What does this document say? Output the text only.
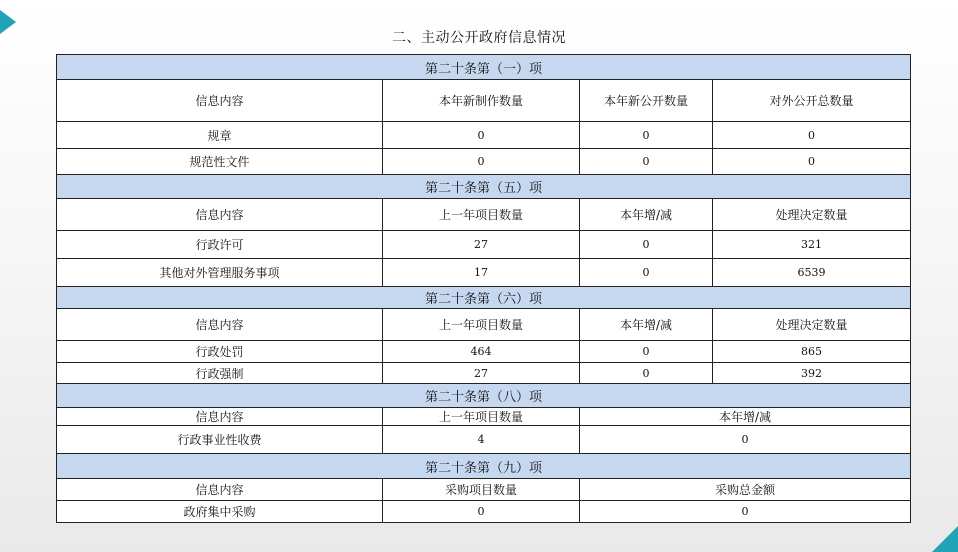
二、主动公开政府信息情况
第二十条第（一）项			
信息内容	本年新制作数量	本年新公开数量	对外公开总数量
规章	0	0	0
规范性文件	0	0	0
第二十条第（五）项			
信息内容	上一年项目数量	本年增/减	处理决定数量
行政许可	27	0	321
其他对外管理服务事项	17	0	6539
第二十条第（六）项			
信息内容	上一年项目数量	本年增/减	处理决定数量
行政处罚	464	0	865
行政强制	27	0	392
第二十条第（八）项			
信息内容	上一年项目数量	本年增/减	
行政事业性收费	4	0	
第二十条第（九）项			
信息内容	采购项目数量	采购总金额	
政府集中采购	0	0	
